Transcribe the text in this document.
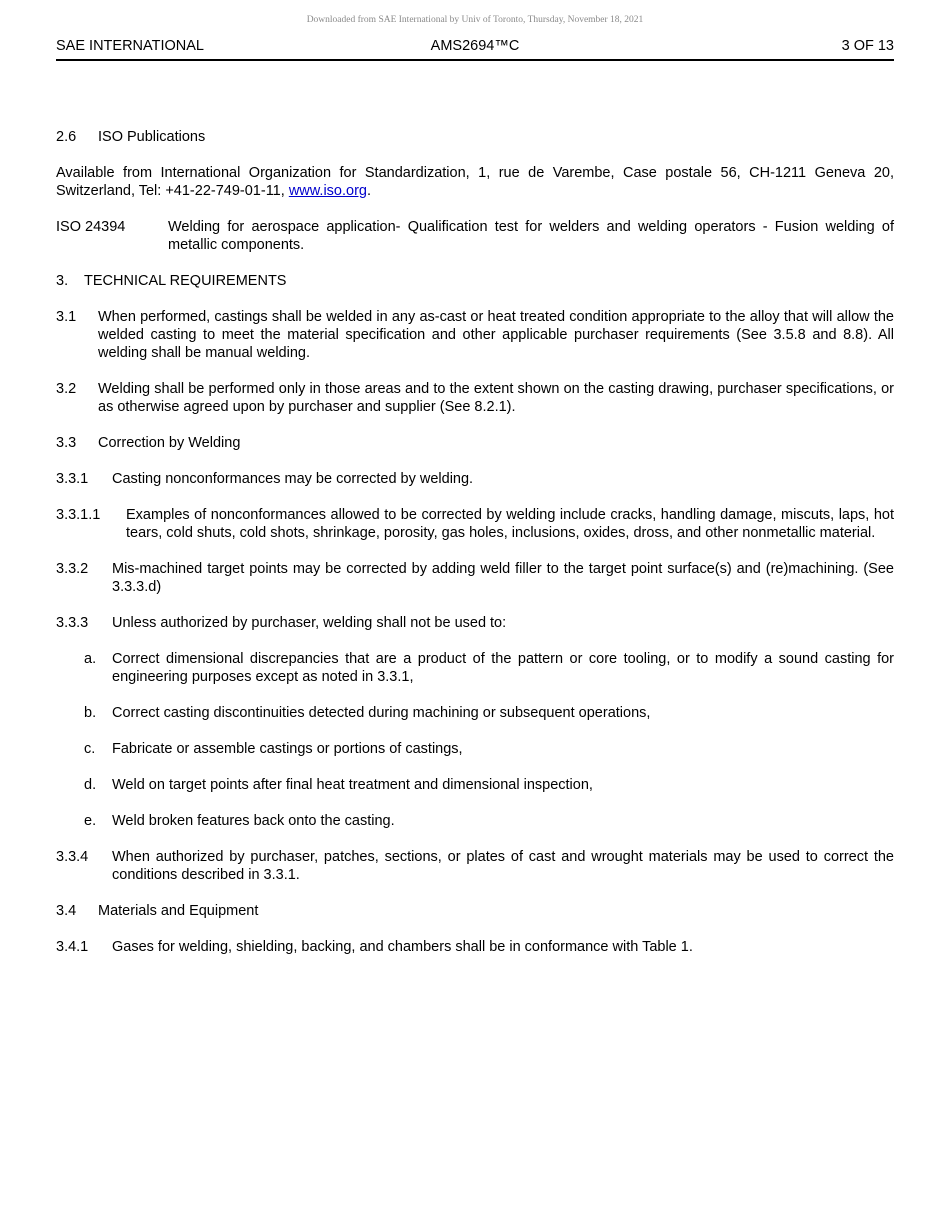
Downloaded from SAE International by Univ of Toronto, Thursday, November 18, 2021
SAE INTERNATIONAL	AMS2694™C	3 OF 13
2.6 ISO Publications
Available from International Organization for Standardization, 1, rue de Varembe, Case postale 56, CH-1211 Geneva 20, Switzerland, Tel: +41-22-749-01-11, www.iso.org.
ISO 24394	Welding for aerospace application- Qualification test for welders and welding operators - Fusion welding of metallic components.
3. TECHNICAL REQUIREMENTS
3.1 When performed, castings shall be welded in any as-cast or heat treated condition appropriate to the alloy that will allow the welded casting to meet the material specification and other applicable purchaser requirements (See 3.5.8 and 8.8). All welding shall be manual welding.
3.2 Welding shall be performed only in those areas and to the extent shown on the casting drawing, purchaser specifications, or as otherwise agreed upon by purchaser and supplier (See 8.2.1).
3.3 Correction by Welding
3.3.1 Casting nonconformances may be corrected by welding.
3.3.1.1 Examples of nonconformances allowed to be corrected by welding include cracks, handling damage, miscuts, laps, hot tears, cold shuts, cold shots, shrinkage, porosity, gas holes, inclusions, oxides, dross, and other nonmetallic material.
3.3.2 Mis-machined target points may be corrected by adding weld filler to the target point surface(s) and (re)machining. (See 3.3.3.d)
3.3.3 Unless authorized by purchaser, welding shall not be used to:
a. Correct dimensional discrepancies that are a product of the pattern or core tooling, or to modify a sound casting for engineering purposes except as noted in 3.3.1,
b. Correct casting discontinuities detected during machining or subsequent operations,
c. Fabricate or assemble castings or portions of castings,
d. Weld on target points after final heat treatment and dimensional inspection,
e. Weld broken features back onto the casting.
3.3.4 When authorized by purchaser, patches, sections, or plates of cast and wrought materials may be used to correct the conditions described in 3.3.1.
3.4 Materials and Equipment
3.4.1 Gases for welding, shielding, backing, and chambers shall be in conformance with Table 1.
